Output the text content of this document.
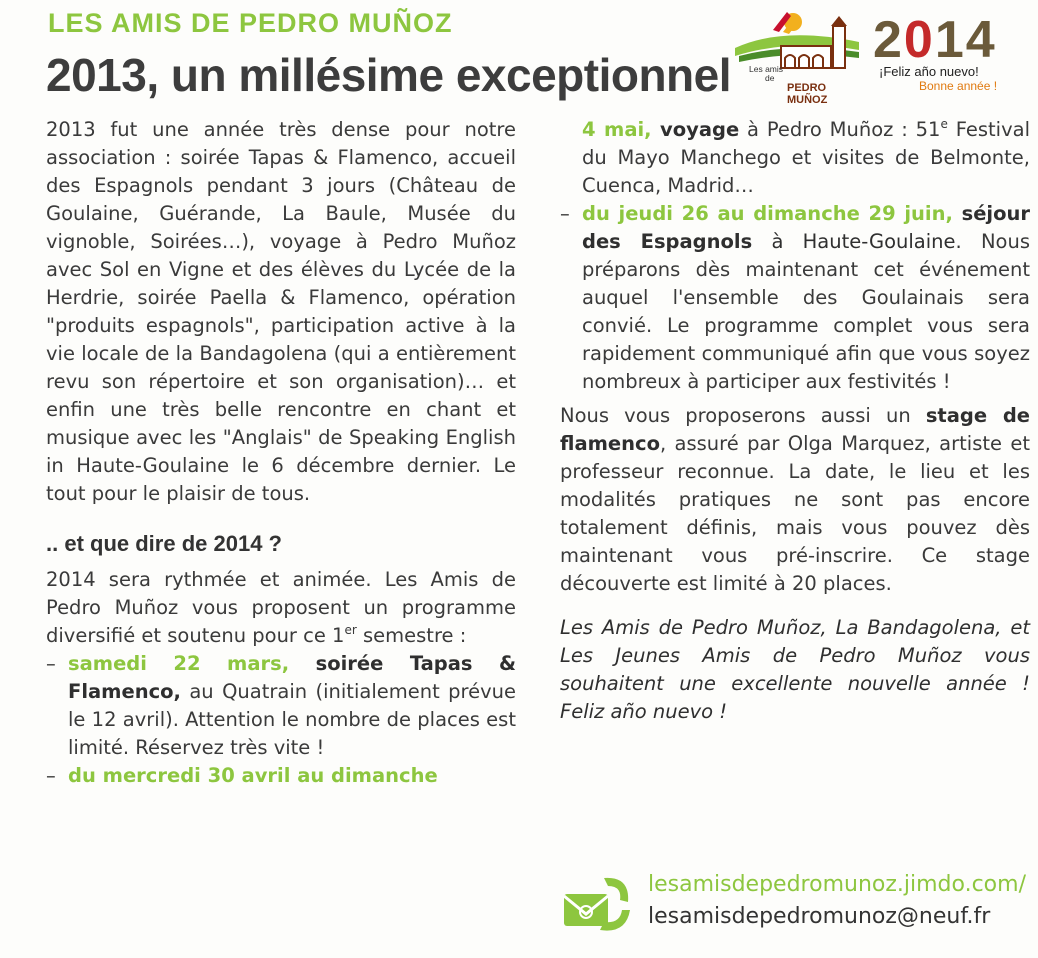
LES AMIS DE PEDRO MUÑOZ
2013, un millésime exceptionnel Les amis
de
PEDRO MUÑOZ
2014
¡Feliz año nuevo!
Bonne année !

2013 fut une année très dense pour notre association : soirée Tapas & Flamenco, accueil des Espagnols pendant 3 jours (Château de Goulaine, Guérande, La Baule, Musée du vignoble, Soirées…), voyage à Pedro Muñoz avec Sol en Vigne et des élèves du Lycée de la Herdrie, soirée Paella & Flamenco, opération "produits espagnols", participation active à la vie locale de la Bandagolena (qui a entièrement revu son répertoire et son organisation)… et enfin une très belle rencontre en chant et musique avec les "Anglais" de Speaking English in Haute-Goulaine le 6 décembre dernier. Le tout pour le plaisir de tous.

.. et que dire de 2014 ?

2014 sera rythmée et animée. Les Amis de Pedro Muñoz vous proposent un programme diversifié et soutenu pour ce 1er semestre :

– samedi 22 mars, soirée Tapas & Flamenco, au Quatrain (initialement prévue le 12 avril). Attention le nombre de places est limité. Réservez très vite !

– du mercredi 30 avril au dimanche

4 mai, voyage à Pedro Muñoz : 51e Festival du Mayo Manchego et visites de Belmonte, Cuenca, Madrid…

– du jeudi 26 au dimanche 29 juin, séjour des Espagnols à Haute-Goulaine. Nous préparons dès maintenant cet événement auquel l'ensemble des Goulainais sera convié. Le programme complet vous sera rapidement communiqué afin que vous soyez nombreux à participer aux festivités !

Nous vous proposerons aussi un stage de flamenco, assuré par Olga Marquez, artiste et professeur reconnue. La date, le lieu et les modalités pratiques ne sont pas encore totalement définis, mais vous pouvez dès maintenant vous pré-inscrire. Ce stage découverte est limité à 20 places.

Les Amis de Pedro Muñoz, La Bandagolena, et Les Jeunes Amis de Pedro Muñoz vous souhaitent une excellente nouvelle année ! Feliz año nuevo !

lesamisdepedromunoz.jimdo.com/
lesamisdepedromunoz@neuf.fr
